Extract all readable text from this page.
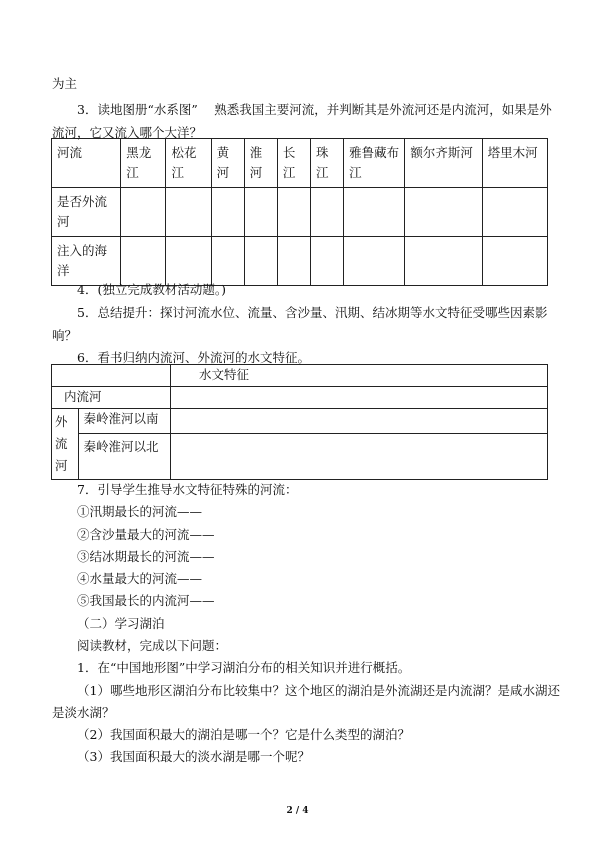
为主
3．读地图册“水系图”　 熟悉我国主要河流，并判断其是外流河还是内流河，如果是外
流河，它又流入哪个大洋？
河流	黑龙江	松花江	黄河	淮河	长江	珠江	雅鲁藏布江	额尔齐斯河	塔里木河
是否外流河									
注入的海洋									
4．(独立完成教材活动题。)
5．总结提升：探讨河流水位、流量、含沙量、汛期、结冰期等水文特征受哪些因素影
响？
6．看书归纳内流河、外流河的水文特征。
		水文特征
内流河		
外流河	秦岭淮河以南	
	秦岭淮河以北	
7．引导学生推导水文特征特殊的河流：
①汛期最长的河流——
②含沙量最大的河流——
③结冰期最长的河流——
④水量最大的河流——
⑤我国最长的内流河——
（二）学习湖泊
阅读教材，完成以下问题：
1．在“中国地形图”中学习湖泊分布的相关知识并进行概括。
（1）哪些地形区湖泊分布比较集中？这个地区的湖泊是外流湖还是内流湖？是咸水湖还
是淡水湖？
（2）我国面积最大的湖泊是哪一个？它是什么类型的湖泊？
（3）我国面积最大的淡水湖是哪一个呢？
2 / 4
